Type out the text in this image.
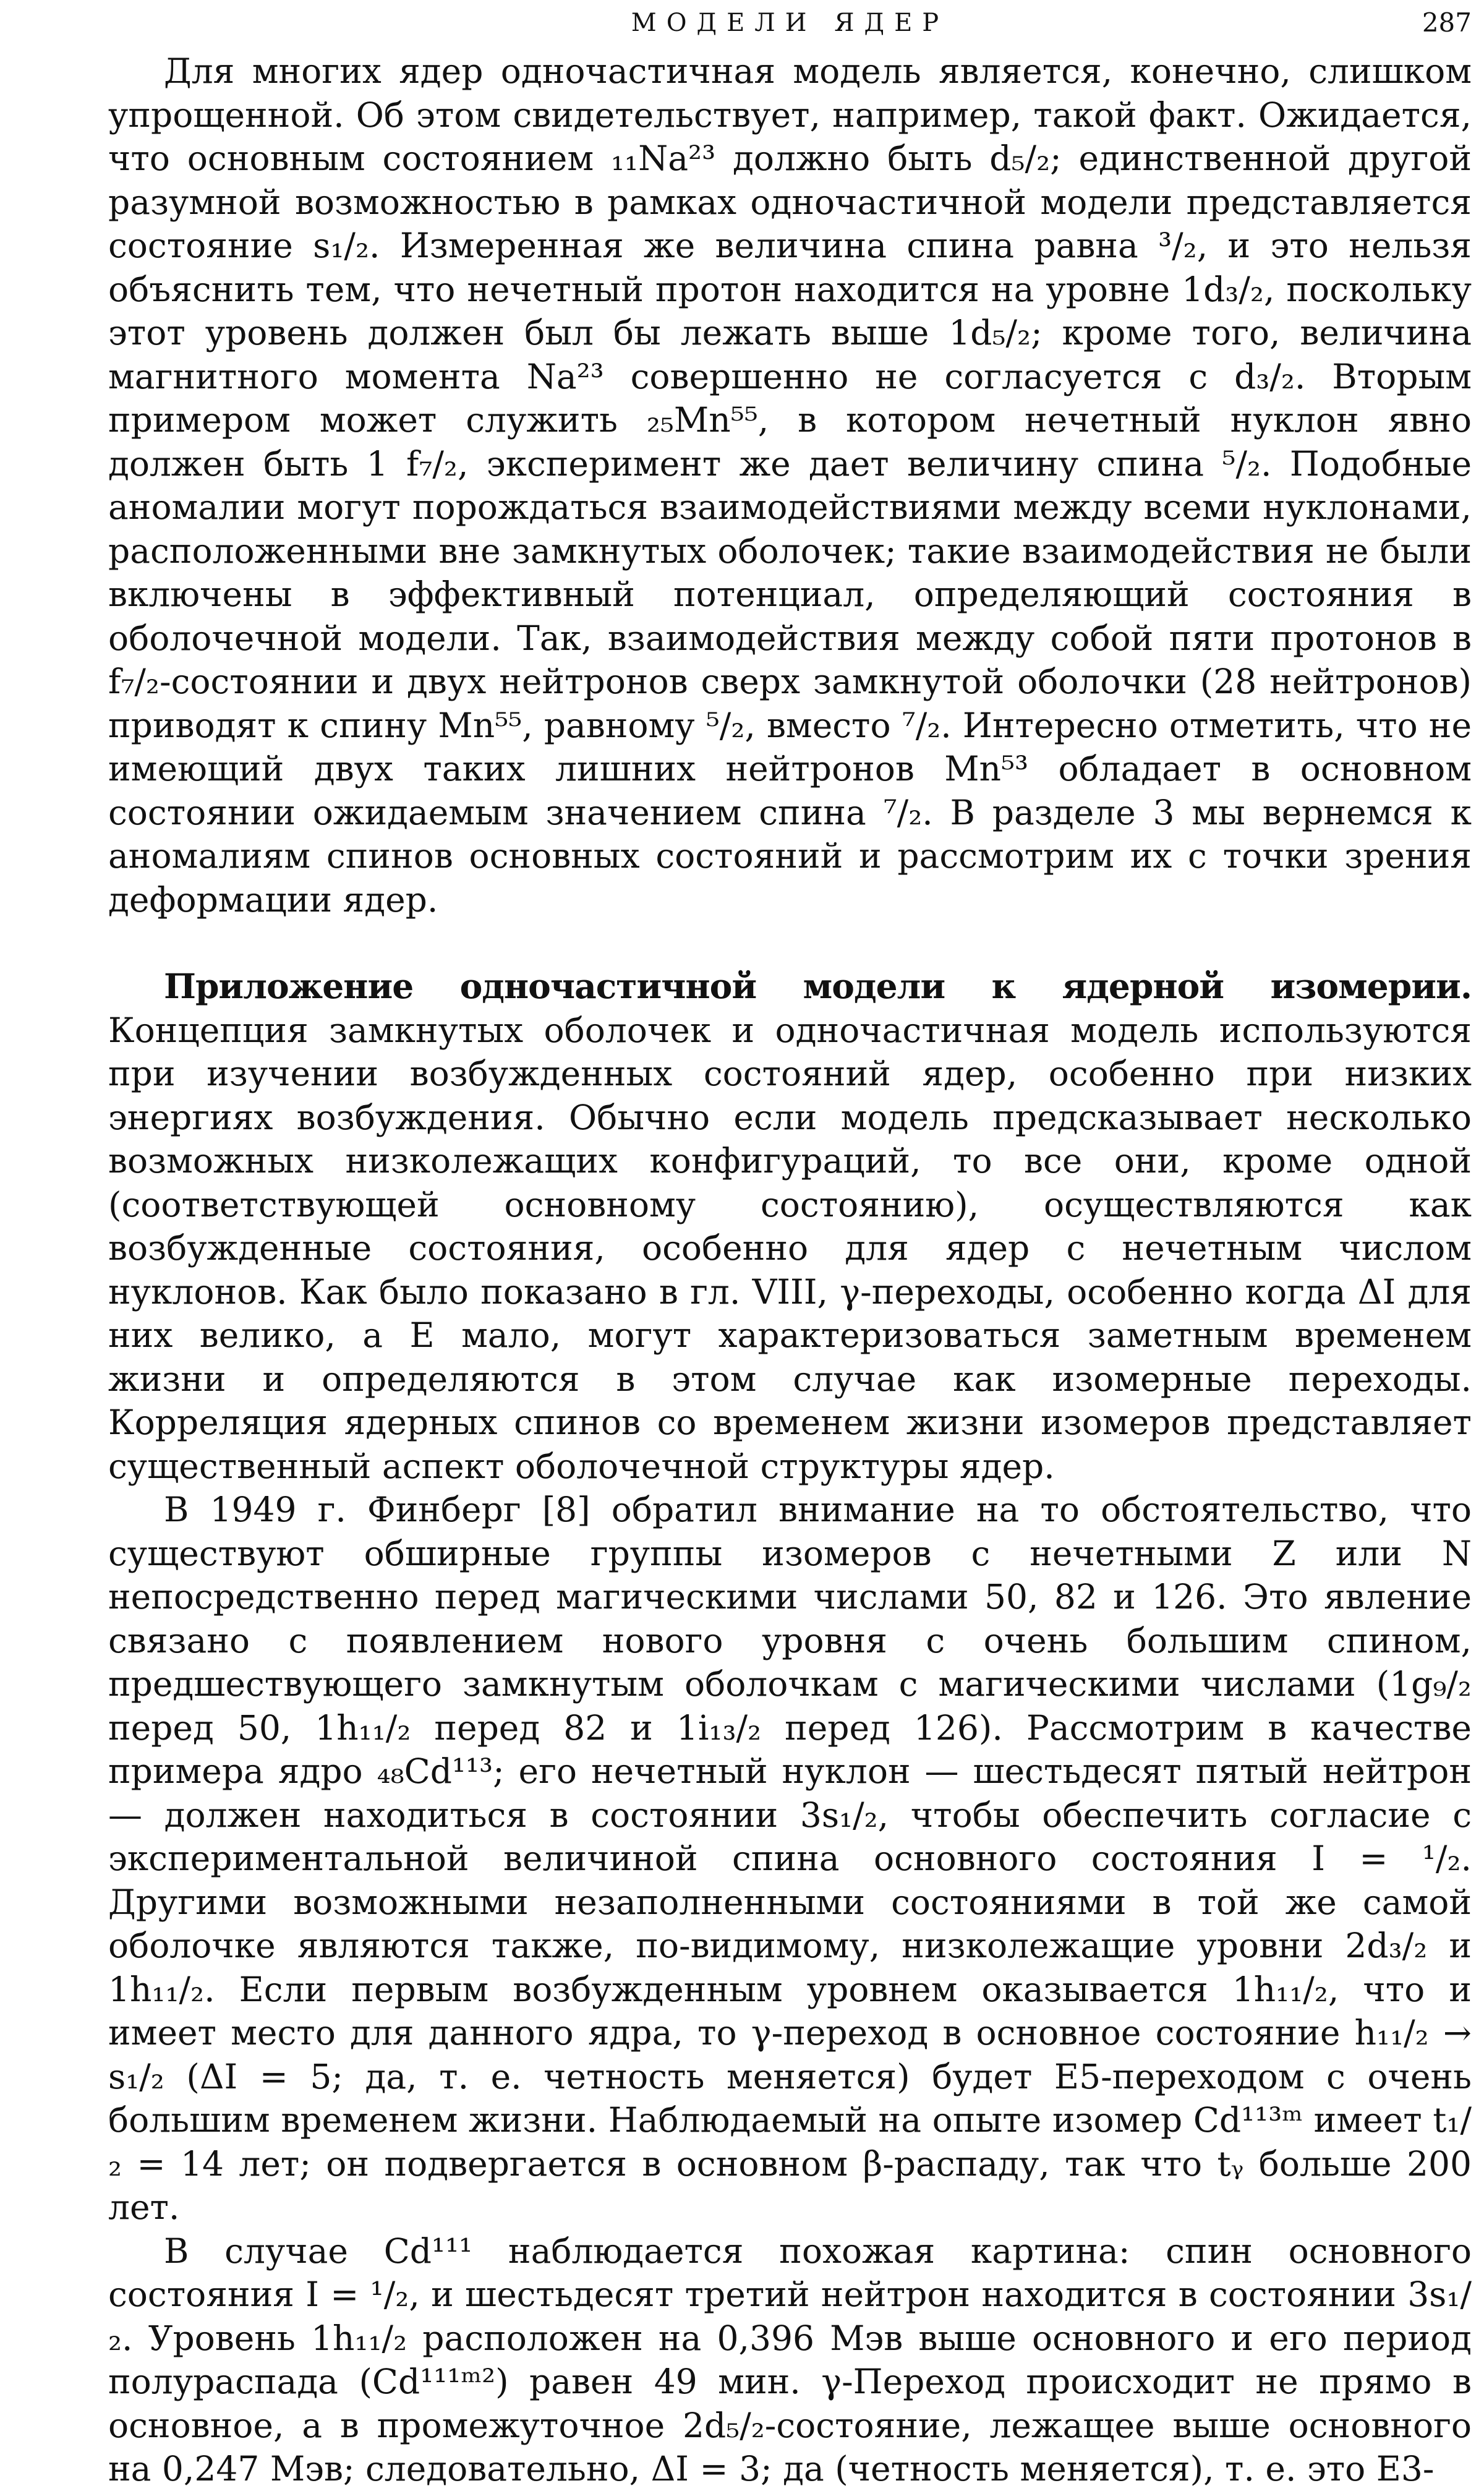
МОДЕЛИ ЯДЕР	287

Для многих ядер одночастичная модель является, конечно, слишком упрощенной. Об этом свидетельствует, например, такой факт. Ожидается, что основным состоянием ₁₁Na²³ должно быть d₅/₂; единственной другой разумной возможностью в рамках одночастичной модели представляется состояние s₁/₂. Измеренная же величина спина равна ³/₂, и это нельзя объяснить тем, что нечетный протон находится на уровне 1d₃/₂, поскольку этот уровень должен был бы лежать выше 1d₅/₂; кроме того, величина магнитного момента Na²³ совершенно не согласуется с d₃/₂. Вторым примером может служить ₂₅Mn⁵⁵, в котором нечетный нуклон явно должен быть 1 f₇/₂, эксперимент же дает величину спина ⁵/₂. Подобные аномалии могут порождаться взаимодействиями между всеми нуклонами, расположенными вне замкнутых оболочек; такие взаимодействия не были включены в эффективный потенциал, определяющий состояния в оболочечной модели. Так, взаимодействия между собой пяти протонов в f₇/₂-состоянии и двух нейтронов сверх замкнутой оболочки (28 нейтронов) приводят к спину Mn⁵⁵, равному ⁵/₂, вместо ⁷/₂. Интересно отметить, что не имеющий двух таких лишних нейтронов Mn⁵³ обладает в основном состоянии ожидаемым значением спина ⁷/₂. В разделе 3 мы вернемся к аномалиям спинов основных состояний и рассмотрим их с точки зрения деформации ядер.

Приложение одночастичной модели к ядерной изомерии. Концепция замкнутых оболочек и одночастичная модель используются при изучении возбужденных состояний ядер, особенно при низких энергиях возбуждения. Обычно если модель предсказывает несколько возможных низколежащих конфигураций, то все они, кроме одной (соответствующей основному состоянию), осуществляются как возбужденные состояния, особенно для ядер с нечетным числом нуклонов. Как было показано в гл. VIII, γ-переходы, особенно когда ΔI для них велико, а E мало, могут характеризоваться заметным временем жизни и определяются в этом случае как изомерные переходы. Корреляция ядерных спинов со временем жизни изомеров представляет существенный аспект оболочечной структуры ядер.

В 1949 г. Финберг [8] обратил внимание на то обстоятельство, что существуют обширные группы изомеров с нечетными Z или N непосредственно перед магическими числами 50, 82 и 126. Это явление связано с появлением нового уровня с очень большим спином, предшествующего замкнутым оболочкам с магическими числами (1g₉/₂ перед 50, 1h₁₁/₂ перед 82 и 1i₁₃/₂ перед 126). Рассмотрим в качестве примера ядро ₄₈Cd¹¹³; его нечетный нуклон — шестьдесят пятый нейтрон — должен находиться в состоянии 3s₁/₂, чтобы обеспечить согласие с экспериментальной величиной спина основного состояния I = ¹/₂. Другими возможными незаполненными состояниями в той же самой оболочке являются также, по-видимому, низколежащие уровни 2d₃/₂ и 1h₁₁/₂. Если первым возбужденным уровнем оказывается 1h₁₁/₂, что и имеет место для данного ядра, то γ-переход в основное состояние h₁₁/₂ → s₁/₂ (ΔI = 5; да, т. е. четность меняется) будет E5-переходом с очень большим временем жизни. Наблюдаемый на опыте изомер Cd¹¹³ᵐ имеет t₁/₂ = 14 лет; он подвергается в основном β-распаду, так что tᵧ больше 200 лет.

В случае Cd¹¹¹ наблюдается похожая картина: спин основного состояния I = ¹/₂, и шестьдесят третий нейтрон находится в состоянии 3s₁/₂. Уровень 1h₁₁/₂ расположен на 0,396 Мэв выше основного и его период полураспада (Cd¹¹¹ᵐ²) равен 49 мин. γ-Переход происходит не прямо в основное, а в промежуточное 2d₅/₂-состояние, лежащее выше основного на 0,247 Мэв; следовательно, ΔI = 3; да (четность меняется), т. е. это E3-
